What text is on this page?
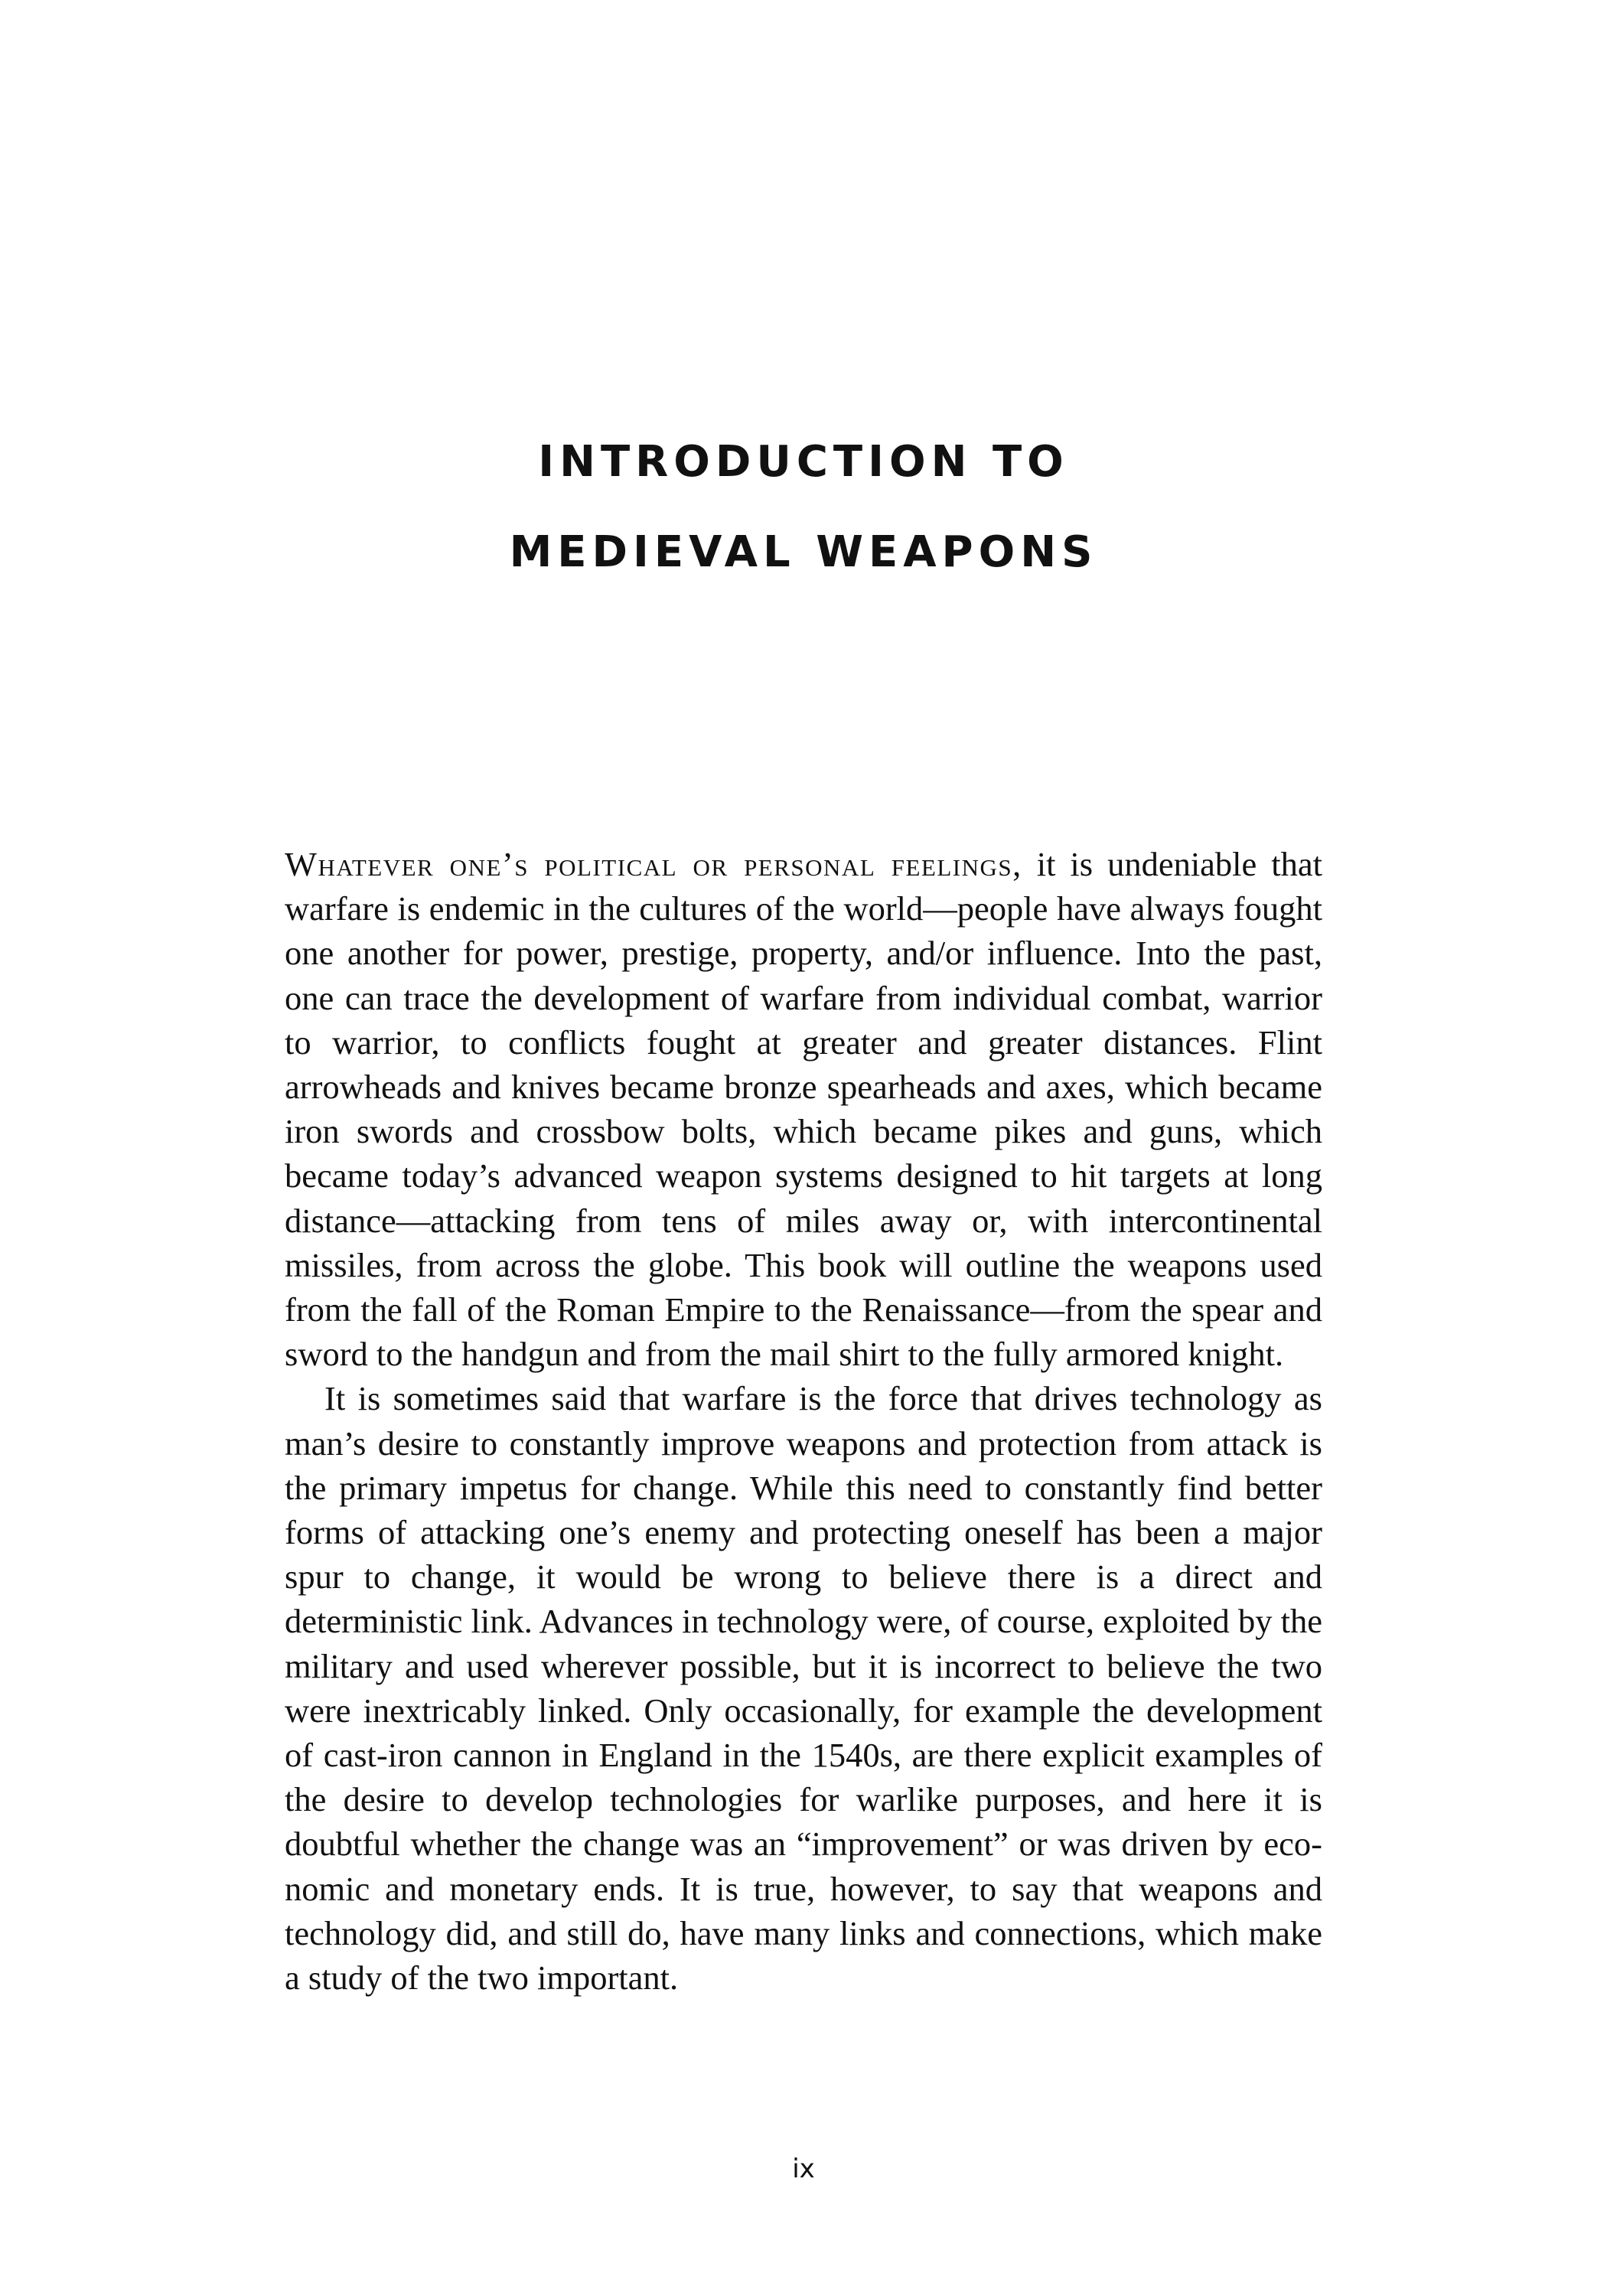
INTRODUCTION TO
MEDIEVAL WEAPONS

Whatever one’s political or personal feelings, it is undeniable that warfare is endemic in the cultures of the world—people have always fought one another for power, prestige, property, and/or influence. Into the past, one can trace the development of warfare from individual combat, warrior to warrior, to conflicts fought at greater and greater distances. Flint arrowheads and knives became bronze spearheads and axes, which became iron swords and crossbow bolts, which became pikes and guns, which became today’s advanced weapon systems designed to hit targets at long distance—attacking from tens of miles away or, with intercontinental missiles, from across the globe. This book will outline the weapons used from the fall of the Roman Empire to the Renaissance—from the spear and sword to the handgun and from the mail shirt to the fully armored knight.

It is sometimes said that warfare is the force that drives technology as man’s desire to constantly improve weapons and protection from attack is the primary impetus for change. While this need to constantly find better forms of attacking one’s enemy and protecting oneself has been a major spur to change, it would be wrong to believe there is a direct and deterministic link. Advances in technology were, of course, exploited by the military and used wherever possible, but it is incorrect to believe the two were inextricably linked. Only occasionally, for example the development of cast-iron cannon in England in the 1540s, are there explicit examples of the desire to develop technologies for warlike purposes, and here it is doubtful whether the change was an “improvement” or was driven by economic and monetary ends. It is true, however, to say that weapons and technology did, and still do, have many links and connections, which make a study of the two important.

ix
